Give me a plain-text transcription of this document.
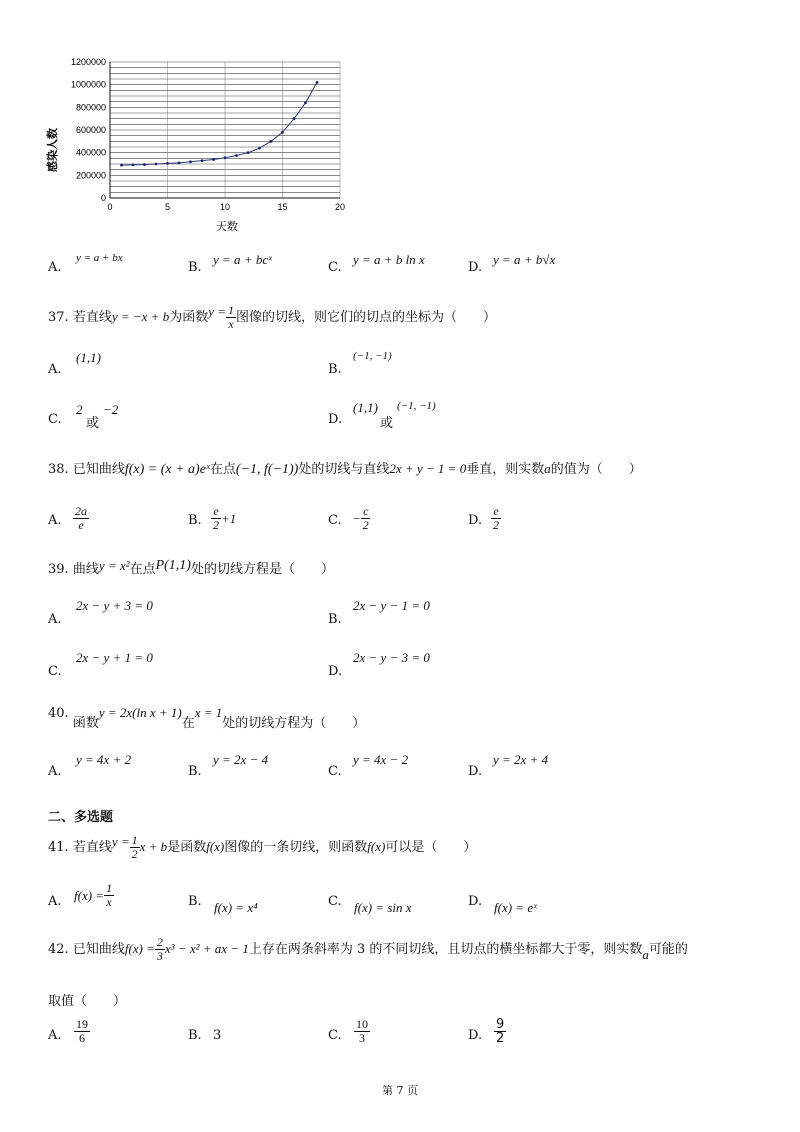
0
200000
400000
600000
800000
1000000
1200000
0	5	10	15	20
感染人数
天数
A.
y = a + bx
B.
y = a + bcˣ
C.
y = a + b ln x
D.
y = a + b√x
37. 若直线y = −x + b为函数$y = \frac{1}{x}$ 图像的切线，则它们的切点的坐标为（　　）
A.
(1,1)
B.
(−1, −1)
C.
2
或
−2
D.
(1,1)
或
(−1, −1)
38. 已知曲线f(x) = (x + a)eˣ在点(−1, f(−1))处的切线与直线2x + y − 1 = 0垂直，则实数a的值为（　　）
A. $\frac{2a}{e}$	B. $\frac{e}{2} +1$	C. − $\frac{c}{2}$	D. $\frac{e}{2}$
39. 曲线y = x²在点P(1,1)处的切线方程是（　　）
A.
2x − y + 3 = 0
B.
2x − y − 1 = 0
C.
2x − y + 1 = 0
D.
2x − y − 3 = 0
40. 函数y = 2x(ln x + 1)在x = 1处的切线方程为（　　）
A.
y = 4x + 2
B.
y = 2x − 4
C.
y = 4x − 2
D.
y = 2x + 4
二、多选题
41. 若直线$y = \frac{1}{2}$ x + b是函数f(x)图像的一条切线，则函数f(x)可以是（　　）
A. $f(x) = \frac{1}{x}$	B. f(x) = x⁴	C. f(x) = sin x	D. f(x) = eˣ
42. 已知曲线$f(x) = \frac{2}{3} x^3 - x^2$ + ax − 1上存在两条斜率为 3 的不同切线，且切点的横坐标都大于零，则实数a可能的
取值（　　）
A. $\frac{19}{6}$	B. 3	C. $\frac{10}{3}$	D. $\frac{9}{2}$
第 7 页
